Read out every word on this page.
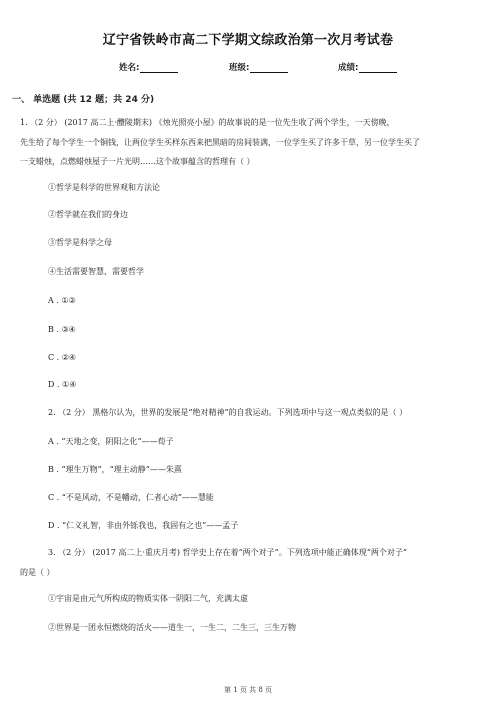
辽宁省铁岭市高二下学期文综政治第一次月考试卷
姓名:	班级:	成绩:
一、 单选题 (共 12 题；共 24 分)
1. （2 分） (2017 高二上·醴陵期末) 《烛光照亮小屋》的故事说的是一位先生收了两个学生，一天傍晚，
先生给了每个学生一个铜钱，让两位学生买样东西来把黑暗的房间装满，一位学生买了许多干草，另一位学生买了
一支蜡烛，点燃蜡烛屋子一片光明……这个故事蕴含的哲理有（ ）
①哲学是科学的世界观和方法论
②哲学就在我们的身边
③哲学是科学之母
④生活需要智慧，需要哲学
A . ①②
B . ③④
C . ②④
D . ①④
2. （2 分） 黑格尔认为，世界的发展是“绝对精神”的自我运动。下列选项中与这一观点类似的是（ ）
A . “天地之变，阴阳之化”——荀子
B . “理生万物”，“理主动静”——朱熹
C . “不是风动，不是幡动，仁者心动”——慧能
D . “仁义礼智，非由外铄我也，我固有之也”——孟子
3. （2 分） (2017 高二上·重庆月考) 哲学史上存在着“两个对子”。下列选项中能正确体现“两个对子”
的是（ ）
①宇宙是由元气所构成的物质实体一阴阳二气，充满太虚
②世界是一团永恒燃烧的活火——道生一，一生二，二生三，三生万物
第 1 页 共 8 页
